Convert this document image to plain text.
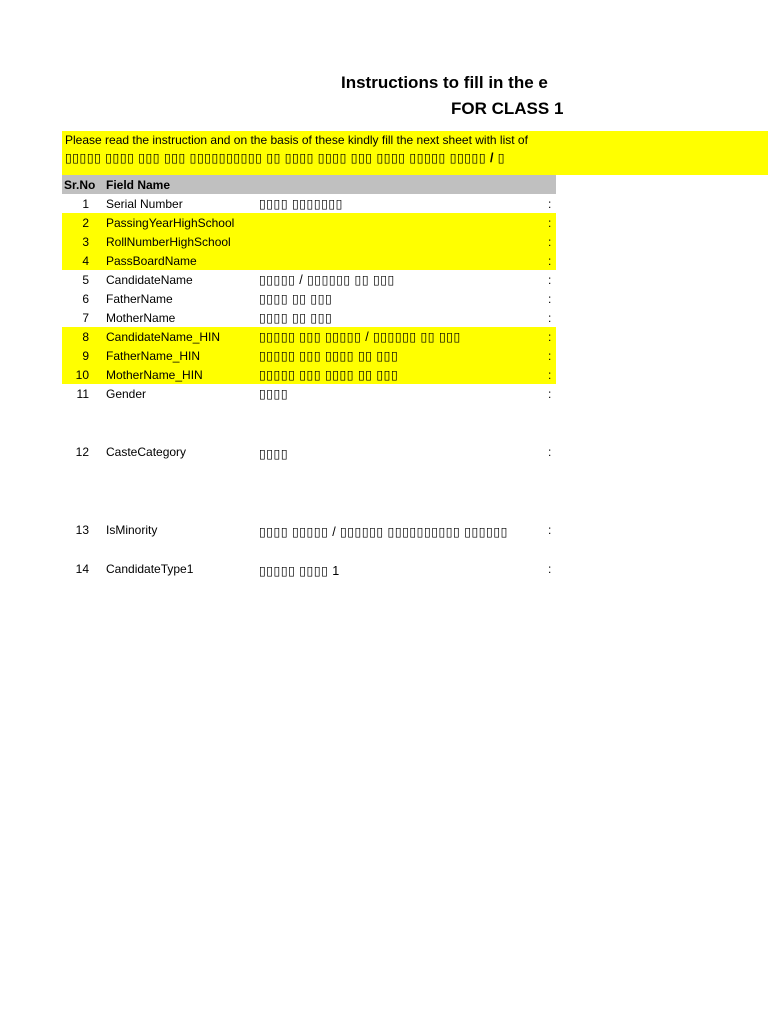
Instructions to fill in the e
FOR CLASS 1
Please read the instruction and on the basis of these kindly fill the next sheet with list of
▯▯▯▯▯ ▯▯▯▯ ▯▯▯ ▯▯▯ ▯▯▯▯▯▯▯▯▯▯ ▯▯ ▯▯▯▯ ▯▯▯▯ ▯▯▯ ▯▯▯▯ ▯▯▯▯▯ ▯▯▯▯▯ / ▯
Sr.No Field Name
1 Serial Number	▯▯▯▯ ▯▯▯▯▯▯▯	:
2 PassingYearHighSchool	:
3 RollNumberHighSchool	:
4 PassBoardName	:
5 CandidateName	▯▯▯▯▯ / ▯▯▯▯▯▯ ▯▯ ▯▯▯	:
6 FatherName	▯▯▯▯ ▯▯ ▯▯▯	:
7 MotherName	▯▯▯▯ ▯▯ ▯▯▯	:
8 CandidateName_HIN	▯▯▯▯▯ ▯▯▯ ▯▯▯▯▯ / ▯▯▯▯▯▯ ▯▯ ▯▯▯	:
9 FatherName_HIN	▯▯▯▯▯ ▯▯▯ ▯▯▯▯ ▯▯ ▯▯▯	:
10 MotherName_HIN	▯▯▯▯▯ ▯▯▯ ▯▯▯▯ ▯▯ ▯▯▯	:
11 Gender	▯▯▯▯	:
12 CasteCategory	▯▯▯▯	:
13 IsMinority	▯▯▯▯ ▯▯▯▯▯ / ▯▯▯▯▯▯ ▯▯▯▯▯▯▯▯▯▯ ▯▯▯▯▯▯	:
14 CandidateType1	▯▯▯▯▯ ▯▯▯▯ 1	:
